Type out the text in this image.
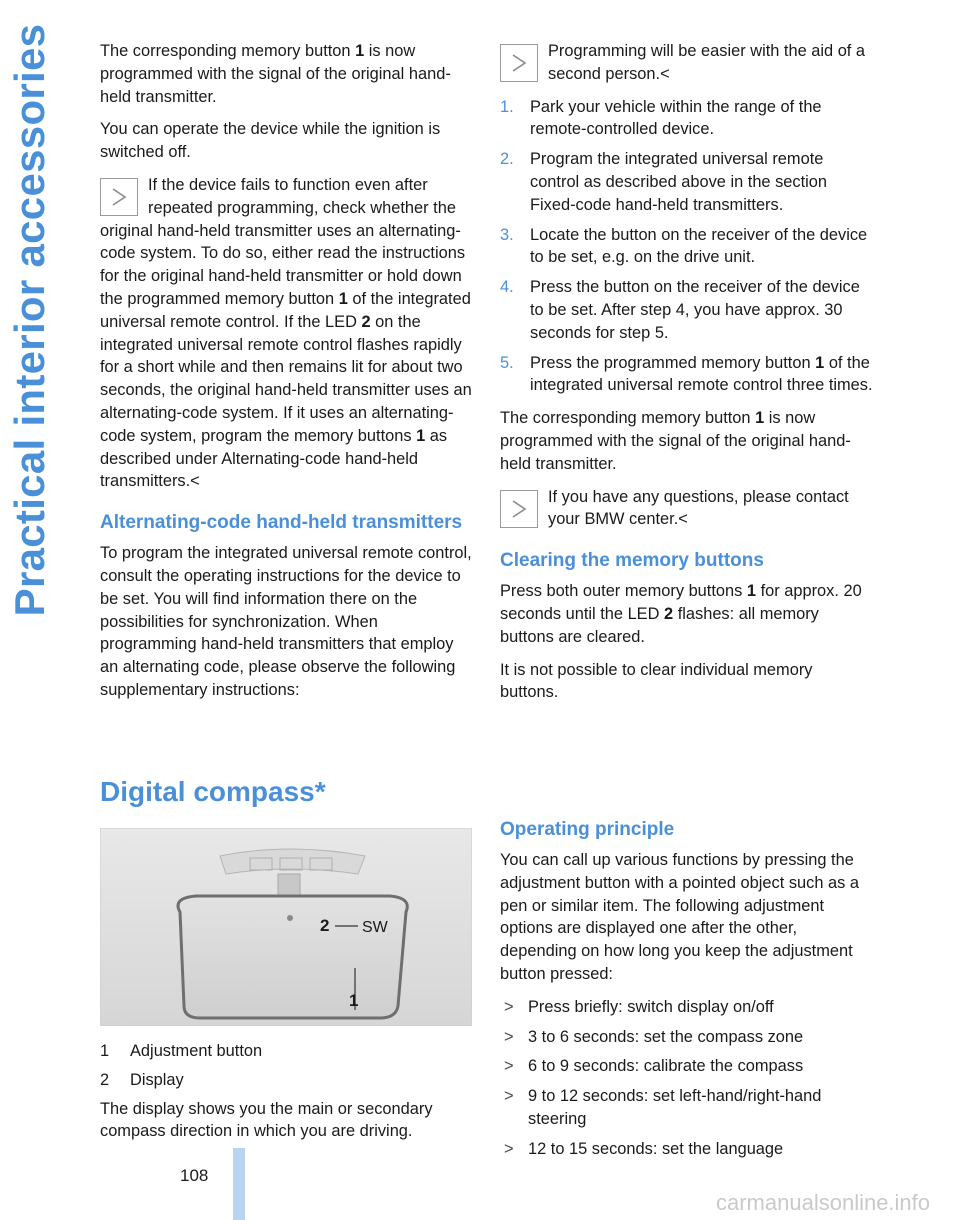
Practical interior accessories	The corresponding memory button 1 is now programmed with the signal of the original hand-held transmitter.

You can operate the device while the ignition is switched off.

If the device fails to function even after repeated programming, check whether the original hand-held transmitter uses an alternating-code system. To do so, either read the instructions for the original hand-held transmitter or hold down the programmed memory button 1 of the integrated universal remote control. If the LED 2 on the integrated universal remote control flashes rapidly for a short while and then remains lit for about two seconds, the original hand-held transmitter uses an alternating-code system. If it uses an alternating-code system, program the memory buttons 1 as described under Alternating-code hand-held transmitters.<
Alternating-code hand-held transmitters

To program the integrated universal remote control, consult the operating instructions for the device to be set. You will find information there on the possibilities for synchronization. When programming hand-held transmitters that employ an alternating code, please observe the following supplementary instructions:

Programming will be easier with the aid of a second person.<
1. Park your vehicle within the range of the remote-controlled device.
2. Program the integrated universal remote control as described above in the section Fixed-code hand-held transmitters.
3. Locate the button on the receiver of the device to be set, e.g. on the drive unit.
4. Press the button on the receiver of the device to be set. After step 4, you have approx. 30 seconds for step 5.
5. Press the programmed memory button 1 of the integrated universal remote control three times.

The corresponding memory button 1 is now programmed with the signal of the original hand-held transmitter.

If you have any questions, please contact your BMW center.<
Clearing the memory buttons

Press both outer memory buttons 1 for approx. 20 seconds until the LED 2 flashes: all memory buttons are cleared.

It is not possible to clear individual memory buttons.

Digital compass*
2 SW
1
1 Adjustment button
2 Display
The display shows you the main or secondary compass direction in which you are driving.
Operating principle

You can call up various functions by pressing the adjustment button with a pointed object such as a pen or similar item. The following adjustment options are displayed one after the other, depending on how long you keep the adjustment button pressed:

> Press briefly: switch display on/off
> 3 to 6 seconds: set the compass zone
> 6 to 9 seconds: calibrate the compass
> 9 to 12 seconds: set left-hand/right-hand steering
> 12 to 15 seconds: set the language
108
carmanualsonline.info
